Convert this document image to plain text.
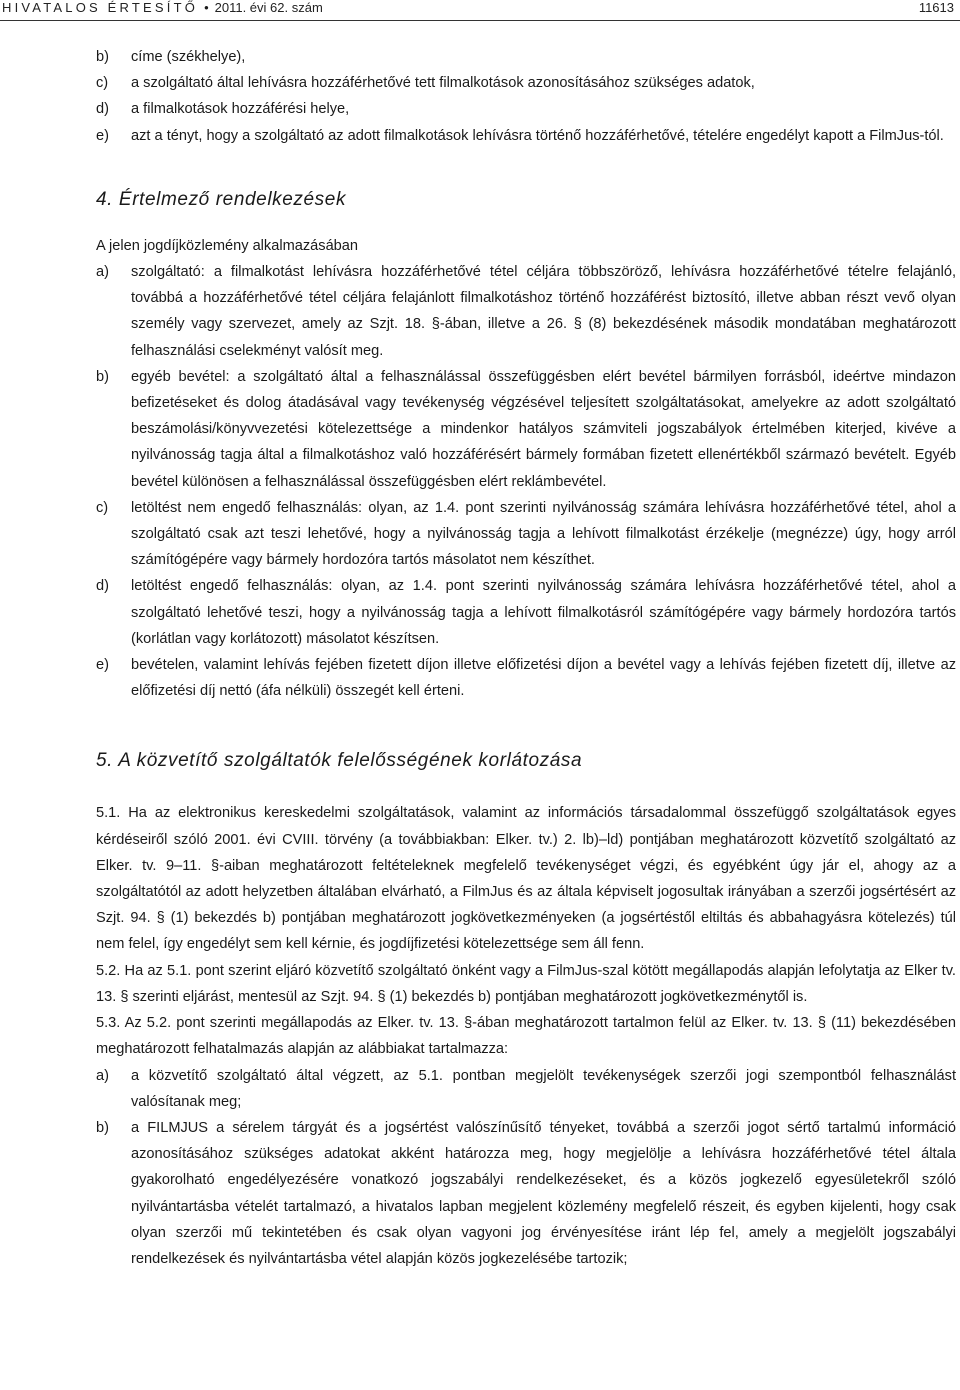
HIVATALOS ÉRTESÍTŐ • 2011. évi 62. szám	11613
b) címe (székhelye),
c) a szolgáltató által lehívásra hozzáférhetővé tett filmalkotások azonosításához szükséges adatok,
d) a filmalkotások hozzáférési helye,
e) azt a tényt, hogy a szolgáltató az adott filmalkotások lehívásra történő hozzáférhetővé, tételére engedélyt kapott a FilmJus-tól.
4. Értelmező rendelkezések
A jelen jogdíjközlemény alkalmazásában
a) szolgáltató: a filmalkotást lehívásra hozzáférhetővé tétel céljára többszöröző, lehívásra hozzáférhetővé tételre felajánló, továbbá a hozzáférhetővé tétel céljára felajánlott filmalkotáshoz történő hozzáférést biztosító, illetve abban részt vevő olyan személy vagy szervezet, amely az Szjt. 18. §-ában, illetve a 26. § (8) bekezdésének második mondatában meghatározott felhasználási cselekményt valósít meg.
b) egyéb bevétel: a szolgáltató által a felhasználással összefüggésben elért bevétel bármilyen forrásból, ideértve mindazon befizetéseket és dolog átadásával vagy tevékenység végzésével teljesített szolgáltatásokat, amelyekre az adott szolgáltató beszámolási/könyvvezetési kötelezettsége a mindenkor hatályos számviteli jogszabályok értelmében kiterjed, kivéve a nyilvánosság tagja által a filmalkotáshoz való hozzáférésért bármely formában fizetett ellenértékből származó bevételt. Egyéb bevétel különösen a felhasználással összefüggésben elért reklámbevétel.
c) letöltést nem engedő felhasználás: olyan, az 1.4. pont szerinti nyilvánosság számára lehívásra hozzáférhetővé tétel, ahol a szolgáltató csak azt teszi lehetővé, hogy a nyilvánosság tagja a lehívott filmalkotást érzékelje (megnézze) úgy, hogy arról számítógépére vagy bármely hordozóra tartós másolatot nem készíthet.
d) letöltést engedő felhasználás: olyan, az 1.4. pont szerinti nyilvánosság számára lehívásra hozzáférhetővé tétel, ahol a szolgáltató lehetővé teszi, hogy a nyilvánosság tagja a lehívott filmalkotásról számítógépére vagy bármely hordozóra tartós (korlátlan vagy korlátozott) másolatot készítsen.
e) bevételen, valamint lehívás fejében fizetett díjon illetve előfizetési díjon a bevétel vagy a lehívás fejében fizetett díj, illetve az előfizetési díj nettó (áfa nélküli) összegét kell érteni.
5. A közvetítő szolgáltatók felelősségének korlátozása
5.1. Ha az elektronikus kereskedelmi szolgáltatások, valamint az információs társadalommal összefüggő szolgáltatások egyes kérdéseiről szóló 2001. évi CVIII. törvény (a továbbiakban: Elker. tv.) 2. lb)–ld) pontjában meghatározott közvetítő szolgáltató az Elker. tv. 9–11. §-aiban meghatározott feltételeknek megfelelő tevékenységet végzi, és egyébként úgy jár el, ahogy az a szolgáltatótól az adott helyzetben általában elvárható, a FilmJus és az általa képviselt jogosultak irányában a szerzői jogsértésért az Szjt. 94. § (1) bekezdés b) pontjában meghatározott jogkövetkezményeken (a jogsértéstől eltiltás és abbahagyásra kötelezés) túl nem felel, így engedélyt sem kell kérnie, és jogdíjfizetési kötelezettsége sem áll fenn.
5.2. Ha az 5.1. pont szerint eljáró közvetítő szolgáltató önként vagy a FilmJus-szal kötött megállapodás alapján lefolytatja az Elker tv. 13. § szerinti eljárást, mentesül az Szjt. 94. § (1) bekezdés b) pontjában meghatározott jogkövetkezménytől is.
5.3. Az 5.2. pont szerinti megállapodás az Elker. tv. 13. §-ában meghatározott tartalmon felül az Elker. tv. 13. § (11) bekezdésében meghatározott felhatalmazás alapján az alábbiakat tartalmazza:
a) a közvetítő szolgáltató által végzett, az 5.1. pontban megjelölt tevékenységek szerzői jogi szempontból felhasználást valósítanak meg;
b) a FILMJUS a sérelem tárgyát és a jogsértést valószínűsítő tényeket, továbbá a szerzői jogot sértő tartalmú információ azonosításához szükséges adatokat akként határozza meg, hogy megjelölje a lehívásra hozzáférhetővé tétel általa gyakorolható engedélyezésére vonatkozó jogszabályi rendelkezéseket, és a közös jogkezelő egyesületekről szóló nyilvántartásba vételét tartalmazó, a hivatalos lapban megjelent közlemény megfelelő részeit, és egyben kijelenti, hogy csak olyan szerzői mű tekintetében és csak olyan vagyoni jog érvényesítése iránt lép fel, amely a megjelölt jogszabályi rendelkezések és nyilvántartásba vétel alapján közös jogkezelésébe tartozik;
